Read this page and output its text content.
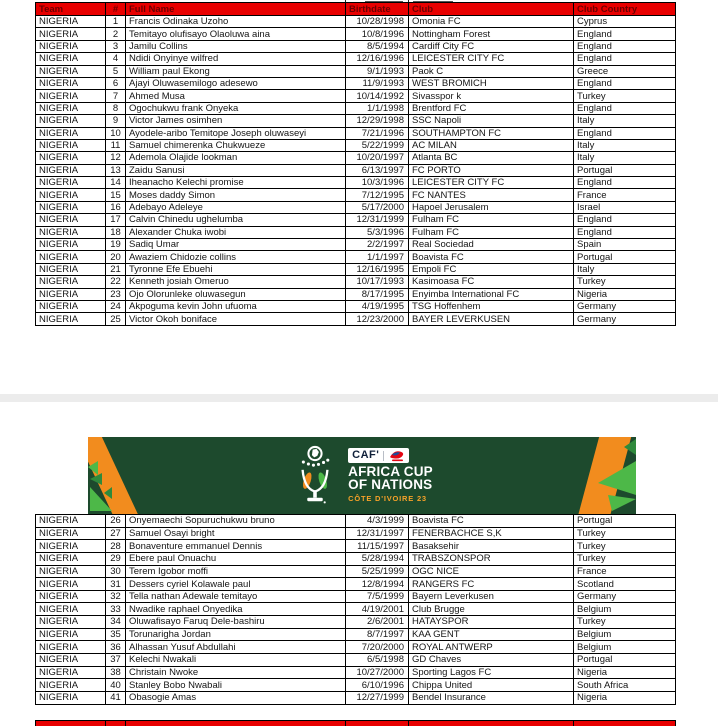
Team	#	Full Name	Birthdate	Club	Club Country
NIGERIA	1	Francis Odinaka Uzoho	10/28/1998	Omonia FC	Cyprus
NIGERIA	2	Temitayo olufisayo Olaoluwa aina	10/8/1996	Nottingham Forest	England
NIGERIA	3	Jamilu Collins	8/5/1994	Cardiff City FC	England
NIGERIA	4	Ndidi Onyinye wilfred	12/16/1996	LEICESTER CITY FC	England
NIGERIA	5	William paul Ekong	9/1/1993	Paok C	Greece
NIGERIA	6	Ajayi Oluwasemilogo adesewo	11/9/1993	WEST BROMICH	England
NIGERIA	7	Ahmed Musa	10/14/1992	Sivasspor k	Turkey
NIGERIA	8	Ogochukwu frank Onyeka	1/1/1998	Brentford FC	England
NIGERIA	9	Victor James osimhen	12/29/1998	SSC Napoli	Italy
NIGERIA	10	Ayodele-aribo Temitope Joseph oluwaseyi	7/21/1996	SOUTHAMPTON FC	England
NIGERIA	11	Samuel chimerenka Chukwueze	5/22/1999	AC MILAN	Italy
NIGERIA	12	Ademola Olajide lookman	10/20/1997	Atlanta BC	Italy
NIGERIA	13	Zaidu Sanusi	6/13/1997	FC PORTO	Portugal
NIGERIA	14	Iheanacho Kelechi promise	10/3/1996	LEICESTER CITY FC	England
NIGERIA	15	Moses daddy Simon	7/12/1995	FC NANTES	France
NIGERIA	16	Adebayo Adeleye	5/17/2000	Hapoel Jerusalem	Israel
NIGERIA	17	Calvin Chinedu ughelumba	12/31/1999	Fulham FC	England
NIGERIA	18	Alexander Chuka iwobi	5/3/1996	Fulham FC	England
NIGERIA	19	Sadiq Umar	2/2/1997	Real Sociedad	Spain
NIGERIA	20	Awaziem Chidozie collins	1/1/1997	Boavista FC	Portugal
NIGERIA	21	Tyronne Efe Ebuehi	12/16/1995	Empoli FC	Italy
NIGERIA	22	Kenneth josiah Omeruo	10/17/1993	Kasimoasa FC	Turkey
NIGERIA	23	Ojo Olorunleke oluwasegun	8/17/1995	Enyimba International FC	Nigeria
NIGERIA	24	Akpoguma kevin John ufuoma	4/19/1995	TSG Hoffenhem	Germany
NIGERIA	25	Victor Okoh boniface	12/23/2000	BAYER LEVERKUSEN	Germany
CAF'
AFRICA CUP
OF NATIONS
CÔTE D'IVOIRE 23
NIGERIA	26	Onyemaechi Sopuruchukwu bruno	4/3/1999	Boavista FC	Portugal
NIGERIA	27	Samuel Osayi bright	12/31/1997	FENERBACHCE S,K	Turkey
NIGERIA	28	Bonaventure emmanuel Dennis	11/15/1997	Basaksehir	Turkey
NIGERIA	29	Ebere paul Onuachu	5/28/1994	TRABSZONSPOR	Turkey
NIGERIA	30	Terem Igobor moffi	5/25/1999	OGC NICE	France
NIGERIA	31	Dessers cyriel Kolawale paul	12/8/1994	RANGERS FC	Scotland
NIGERIA	32	Tella nathan Adewale temitayo	7/5/1999	Bayern Leverkusen	Germany
NIGERIA	33	Nwadike raphael Onyedika	4/19/2001	Club Brugge	Belgium
NIGERIA	34	Oluwafisayo Faruq Dele-bashiru	2/6/2001	HATAYSPOR	Turkey
NIGERIA	35	Torunarigha Jordan	8/7/1997	KAA GENT	Belgium
NIGERIA	36	Alhassan Yusuf Abdullahi	7/20/2000	ROYAL ANTWERP	Belgium
NIGERIA	37	Kelechi Nwakali	6/5/1998	GD Chaves	Portugal
NIGERIA	38	Christain Nwoke	10/27/2000	Sporting Lagos FC	Nigeria
NIGERIA	40	Stanley Bobo Nwabali	6/10/1996	Chippa United	South Africa
NIGERIA	41	Obasogie Amas	12/27/1999	Bendel Insurance	Nigeria
